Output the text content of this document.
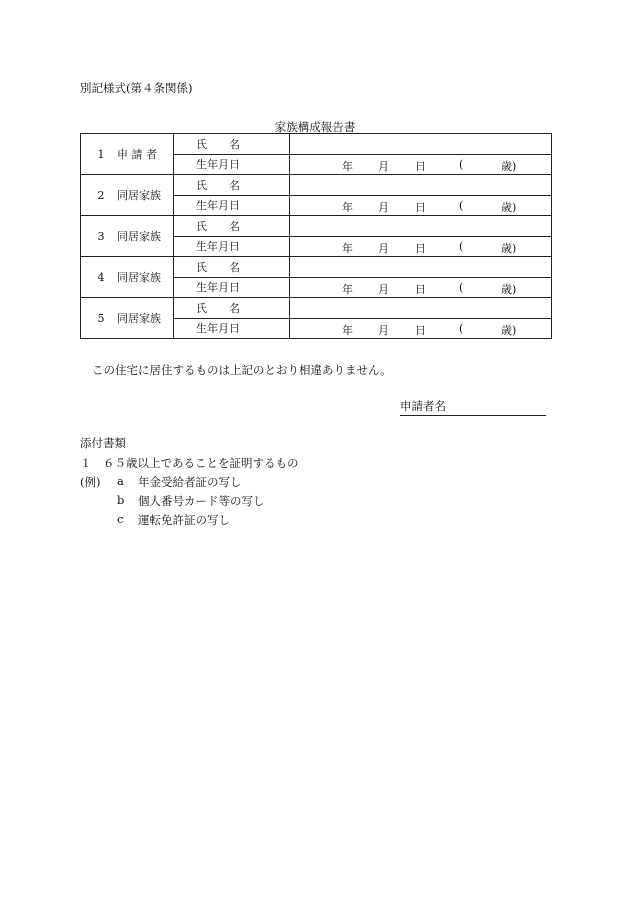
別記様式(第４条関係)
家族構成報告書
1 申 請 者	氏　　名	
	生年月日	年 月 日 ( 歳)

2 同居家族	氏　　名	
	生年月日	年 月 日 ( 歳)

3 同居家族	氏　　名	
	生年月日	年 月 日 ( 歳)

4 同居家族	氏　　名	
	生年月日	年 月 日 ( 歳)

5 同居家族	氏　　名	
	生年月日	年 月 日 ( 歳)
この住宅に居住するものは上記のとおり相違ありません。
申請者名
添付書類
１　６５歳以上であることを証明するもの
(例) a 年金受給者証の写し
b 個人番号カード等の写し
c 運転免許証の写し
